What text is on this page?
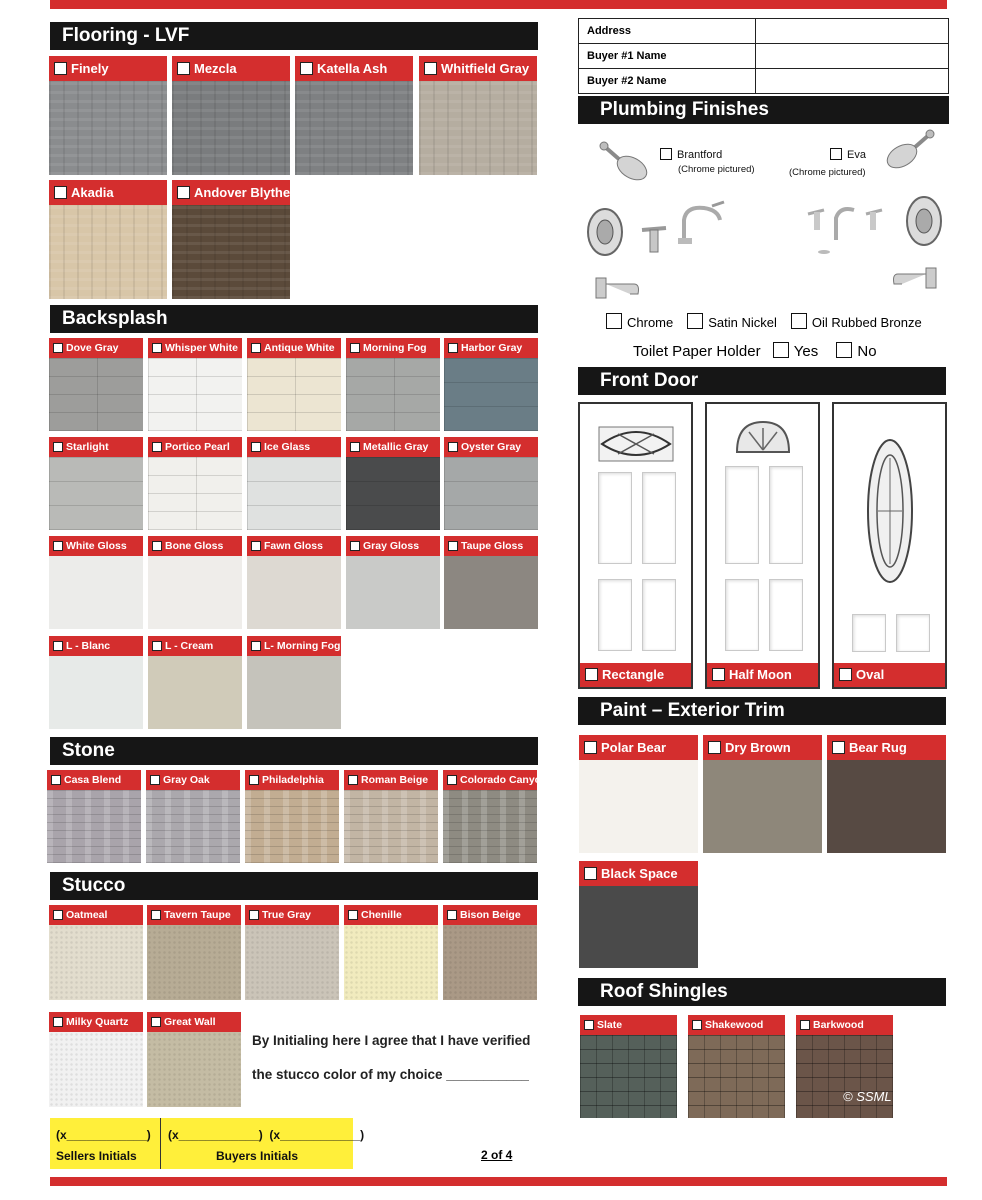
Flooring - LVF
Finely	Mezcla	Katella Ash	Whitfield Gray
Akadia	Andover Blythe
Backsplash
Dove Gray	Whisper White	Antique White	Morning Fog	Harbor Gray
Starlight	Portico Pearl	Ice Glass	Metallic Gray	Oyster Gray
White Gloss	Bone Gloss	Fawn Gloss	Gray Gloss	Taupe Gloss
L - Blanc	L - Cream	L- Morning Fog
Stone
Casa Blend	Gray Oak	Philadelphia	Roman Beige	Colorado Canyon
Stucco
Oatmeal	Tavern Taupe	True Gray	Chenille	Bison Beige
Milky Quartz	Great Wall
By Initialing here I agree that I have verified
the stucco color of my choice ___________
(x____________)
Sellers Initials
(x____________)  (x____________)
Buyers Initials	2 of 4
Address	
Buyer #1 Name	
Buyer #2 Name	
Plumbing Finishes
Brantford
(Chrome pictured)
Eva
(Chrome pictured)
Chrome	Satin Nickel	Oil Rubbed Bronze
Toilet Paper Holder Yes	No
Front Door
Rectangle	Half Moon	Oval
Paint – Exterior Trim
Polar Bear	Dry Brown	Bear Rug
Black Space
Roof Shingles
Slate	Shakewood	Barkwood
© SSML
